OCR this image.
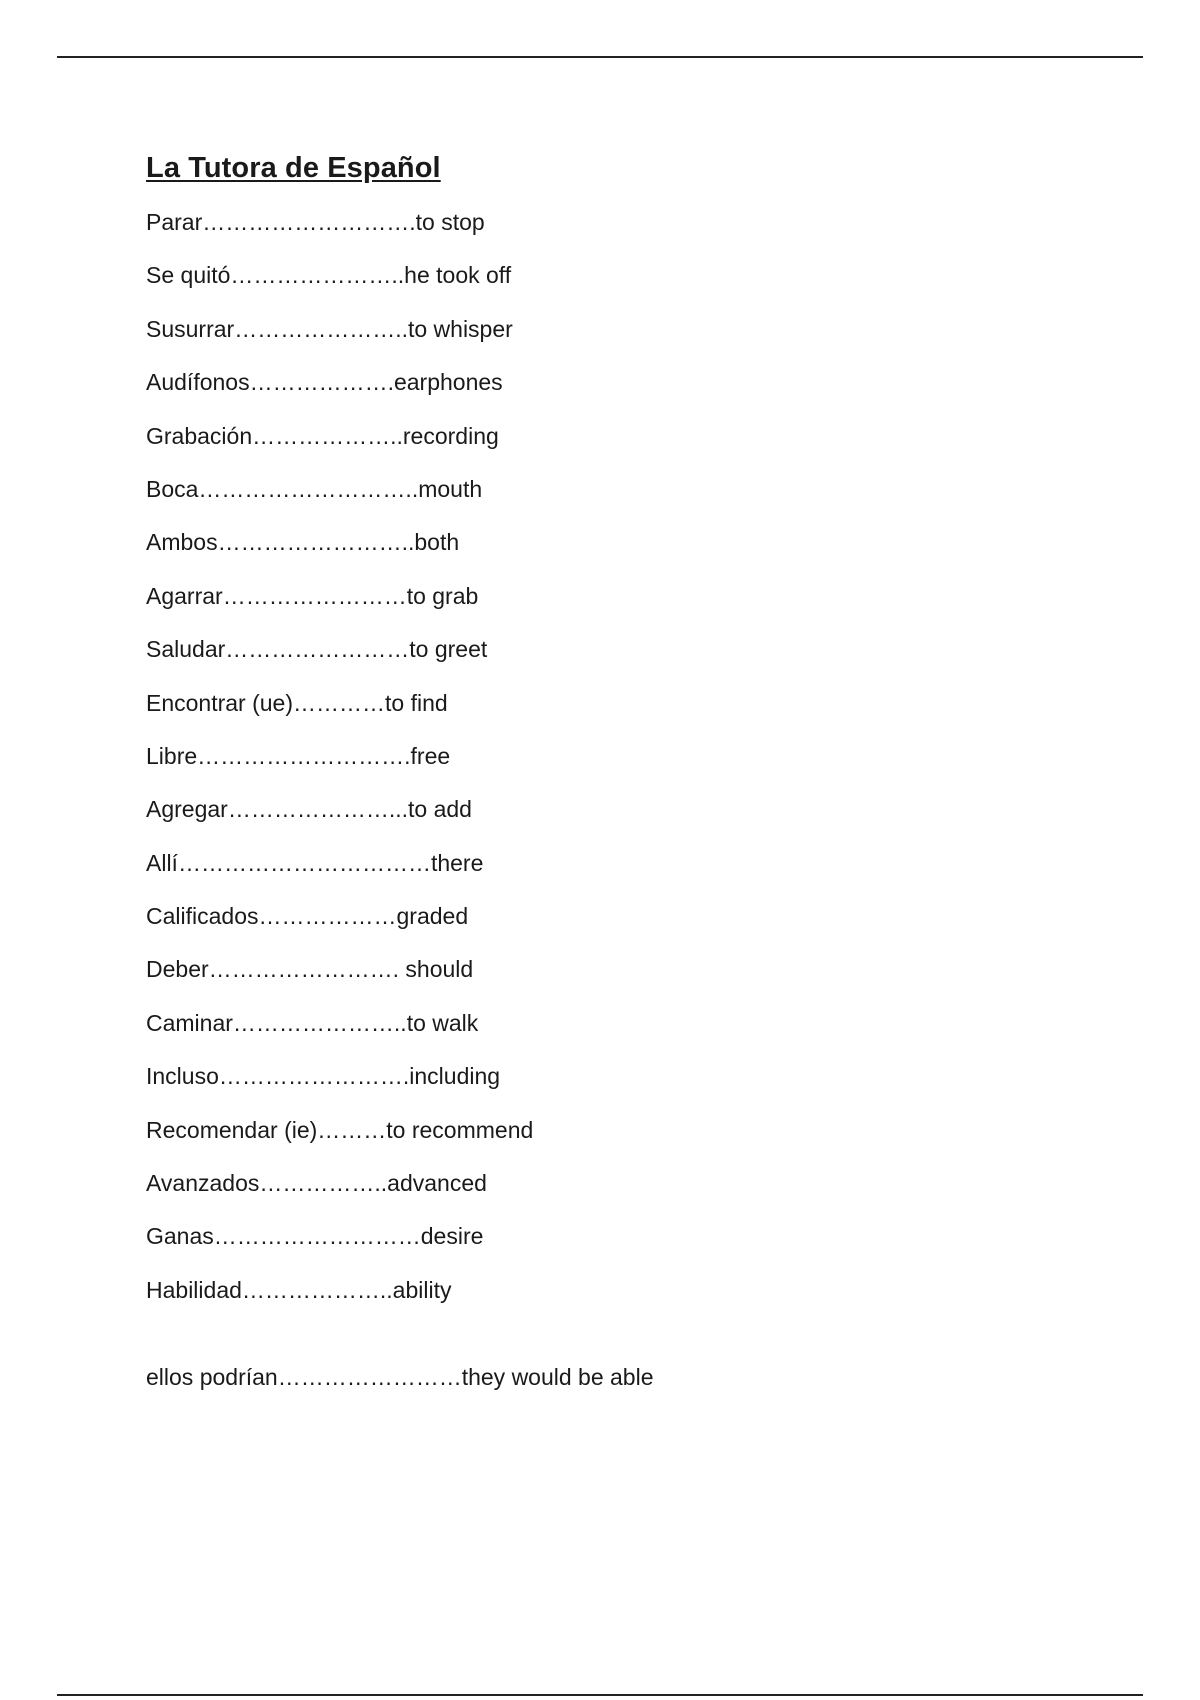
La Tutora de Español
Parar……………………….to stop
Se quitó…………………..he took off
Susurrar…………………..to whisper
Audífonos……………….earphones
Grabación………………..recording
Boca………………………..mouth
Ambos……………………..both
Agarrar……………………to grab
Saludar……………………to greet
Encontrar (ue)…………to find
Libre……………………….free
Agregar…………………...to add
Allí……………………………there
Calificados………………graded
Deber……………………. should
Caminar…………………..to walk
Incluso…………………….including
Recomendar (ie)………to recommend
Avanzados……………..advanced
Ganas………………………desire
Habilidad………………..ability
ellos podrían……………………they would be able
